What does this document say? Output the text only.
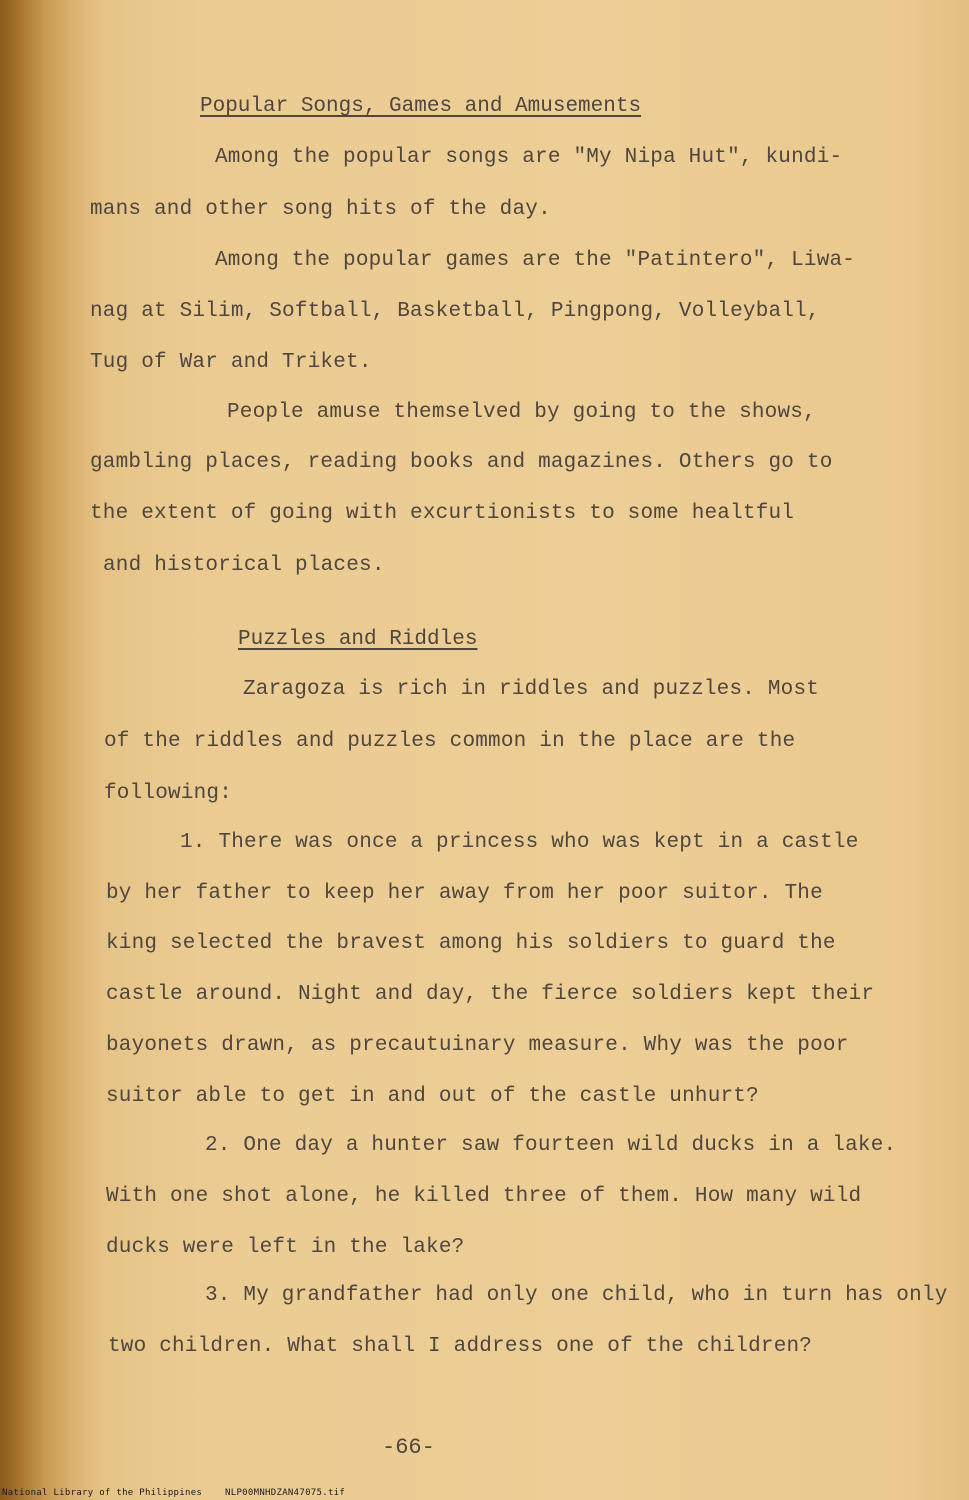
Popular Songs, Games and Amusements
Among the popular songs are "My Nipa Hut", kundi-
mans and other song hits of the day.
Among the popular games are the "Patintero", Liwa-
nag at Silim, Softball, Basketball, Pingpong, Volleyball,
Tug of War and Triket.
People amuse themselved by going to the shows,
gambling places, reading books and magazines. Others go to
the extent of going with excurtionists to some healtful
and historical places.
Puzzles and Riddles
Zaragoza is rich in riddles and puzzles. Most
of the riddles and puzzles common in the place are the
following:
1. There was once a princess who was kept in a castle
by her father to keep her away from her poor suitor. The
king selected the bravest among his soldiers to guard the
castle around. Night and day, the fierce soldiers kept their
bayonets drawn, as precautuinary measure. Why was the poor
suitor able to get in and out of the castle unhurt?
2. One day a hunter saw fourteen wild ducks in a lake.
With one shot alone, he killed three of them. How many wild
ducks were left in the lake?
3. My grandfather had only one child, who in turn has only
two children. What shall I address one of the children?
-66-
National Library of the Philippines    NLP00MNHDZAN47075.tif
